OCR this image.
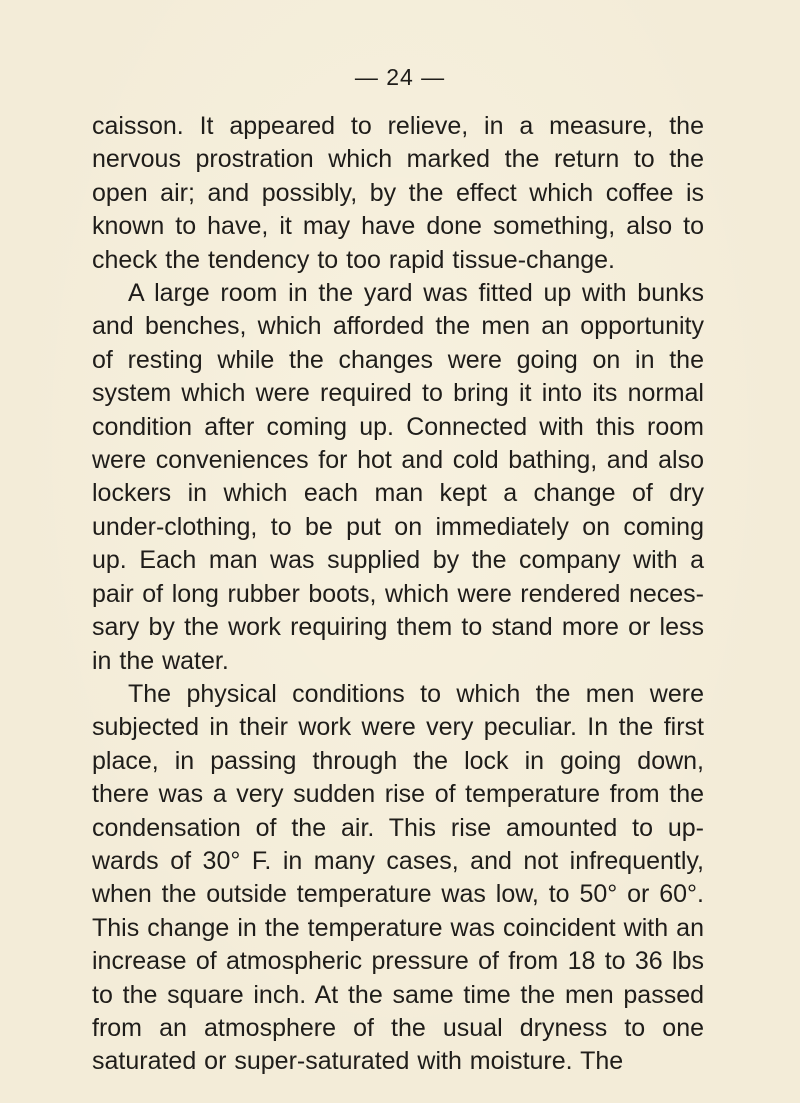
— 24 —

caisson. It appeared to relieve, in a measure, the nervous prostration which marked the return to the open air; and possibly, by the effect which coffee is known to have, it may have done something, also to check the tendency to too rapid tissue-change.

A large room in the yard was fitted up with bunks and benches, which afforded the men an opportunity of resting while the changes were going on in the system which were required to bring it into its normal condition after coming up. Connected with this room were conveniences for hot and cold bathing, and also lockers in which each man kept a change of dry under-clothing, to be put on immediately on coming up. Each man was supplied by the company with a pair of long rubber boots, which were rendered neces-sary by the work requiring them to stand more or less in the water.

The physical conditions to which the men were subjected in their work were very peculiar. In the first place, in passing through the lock in going down, there was a very sudden rise of temperature from the condensation of the air. This rise amounted to up-wards of 30° F. in many cases, and not infrequently, when the outside temperature was low, to 50° or 60°. This change in the temperature was coincident with an increase of atmospheric pressure of from 18 to 36 lbs to the square inch. At the same time the men passed from an atmosphere of the usual dryness to one saturated or super-saturated with moisture. The
